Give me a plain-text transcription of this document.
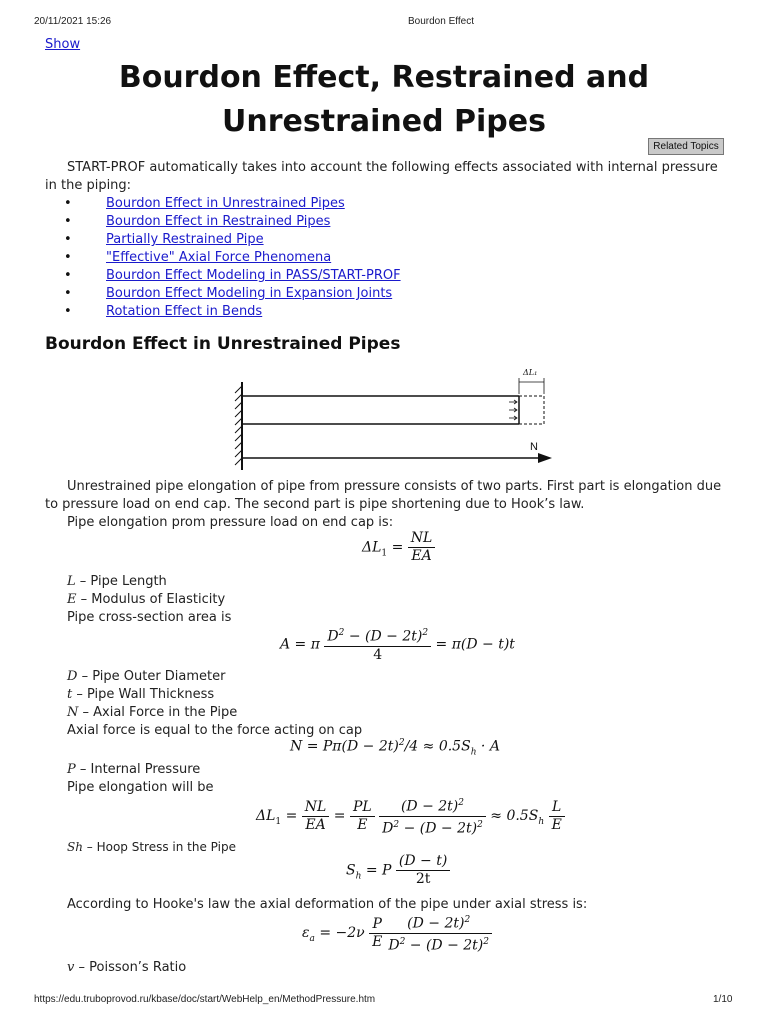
20/11/2021 15:26	Bourdon Effect
Show
Bourdon Effect, Restrained and
Unrestrained Pipes
Related Topics
START-PROF automatically takes into account the following effects associated with internal pressure in the piping:
•	Bourdon Effect in Unrestrained Pipes
•	Bourdon Effect in Restrained Pipes
•	Partially Restrained Pipe
•	"Effective" Axial Force Phenomena
•	Bourdon Effect Modeling in PASS/START-PROF
•	Bourdon Effect Modeling in Expansion Joints
•	Rotation Effect in Bends
Bourdon Effect in Unrestrained Pipes
ΔL₁
N
Unrestrained pipe elongation of pipe from pressure consists of two parts. First part is elongation due to pressure load on end cap. The second part is pipe shortening due to Hook’s law.
Pipe elongation prom pressure load on end cap is:
$\Delta L_1 = \frac{NL}{EA}$
L – Pipe Length
E – Modulus of Elasticity
Pipe cross-section area is
A = π $\frac{D^2 - (D - 2t)^2}{4} = \pi(D - t)t$
D – Pipe Outer Diameter
t – Pipe Wall Thickness
N – Axial Force in the Pipe
Axial force is equal to the force acting on cap
$N = P\pi(D - 2t)^2/4 \approx 0.5S_h \cdot A$
P – Internal Pressure
Pipe elongation will be
$\Delta L_1 = \frac{NL}{EA} = \frac{PL}{E}$
$\frac{(D - 2t)^2}{D^2 - (D - 2t)^2} \approx 0.5S_h \frac{L}{E}$
Sh – Hoop Stress in the Pipe
$S_h = P \frac{(D - t)}{2t}$
According to Hooke's law the axial deformation of the pipe under axial stress is:
$\varepsilon_a = -2\nu \frac{P}{E} \frac{(D - 2t)^2}{D^2 - (D - 2t)^2}$
v – Poisson’s Ratio
https://edu.truboprovod.ru/kbase/doc/start/WebHelp_en/MethodPressure.htm	1/10
